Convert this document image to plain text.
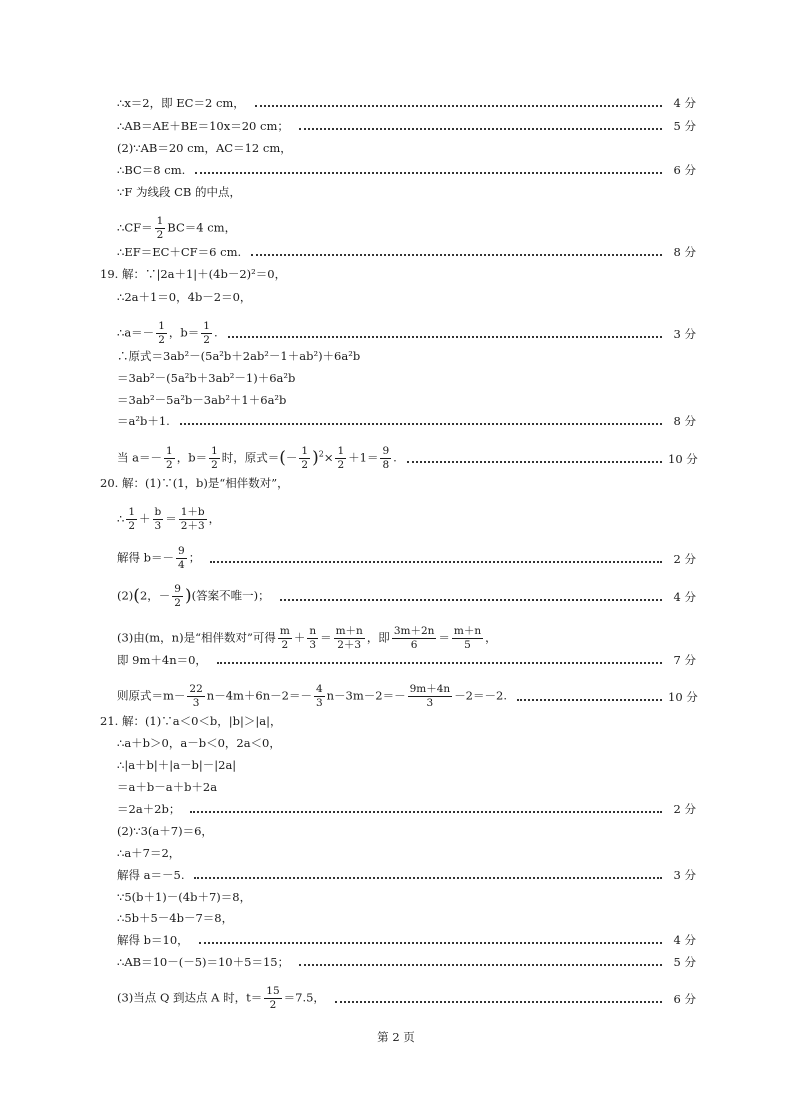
∴x＝2，即 EC＝2 cm，	4 分
∴AB＝AE＋BE＝10x＝20 cm；	5 分
(2)∵AB＝20 cm，AC＝12 cm，
∴BC＝8 cm.	6 分
∵F 为线段 CB 的中点，
∴CF＝ $\frac{1}{2} BC=4$ cm，
∴EF＝EC＋CF＝6 cm.	8 分
19. 解：∵|2a＋1|＋(4b－2)²＝0，
∴2a＋1＝0，4b－2＝0，
∴a＝－ $\frac{1}{2}$ ，$b= \frac{1}{2}$ .	3 分
∴原式＝3ab²－(5a²b＋2ab²－1＋ab²)＋6a²b
＝3ab²－(5a²b＋3ab²－1)＋6a²b
＝3ab²－5a²b－3ab²＋1＋6a²b
＝a²b＋1.	8 分
当 $a=- \frac{1}{2}$ ，$b= \frac{1}{2}$ 时，原式＝(－ $\frac{1}{2} )^2\times \frac{1}{2} +1= \frac{9}{8}$ .	10 分
20. 解：(1)∵(1，b)是“相伴数对”，
∴ $\frac{1}{2} + \frac{b}{3} = \frac{1+b}{2+3}$ ，
解得 $b=- \frac{9}{4}$ ；	2 分
(2)(2，－ $\frac{9}{2}$ )(答案不唯一)；	4 分
(3)由(m，n)是“相伴数对”可得 $\frac{m}{2} + \frac{n}{3} = \frac{m+n}{2+3}$ ，即 $\frac{3m+2n}{6} = \frac{m+n}{5}$ ，
即 9m＋4n＝0，	7 分
则原式$=m- \frac{22}{3} n-4m+6n-2=- \frac{4}{3} n-3m-2=- \frac{9m+4n}{3} -2=-2$.	10 分
21. 解：(1)∵a＜0＜b，|b|＞|a|，
∴a＋b＞0，a－b＜0，2a＜0，
∴|a＋b|＋|a－b|－|2a|
＝a＋b－a＋b＋2a
＝2a＋2b；	2 分
(2)∵3(a＋7)＝6，
∴a＋7＝2，
解得 a＝－5.	3 分
∵5(b＋1)－(4b＋7)＝8，
∴5b＋5－4b－7＝8，
解得 b＝10，	4 分
∴AB＝10－(－5)＝10＋5＝15；	5 分
(3)当点 Q 到达点 A 时，$t= \frac{15}{2} =7.5$，	6 分
第 2 页
